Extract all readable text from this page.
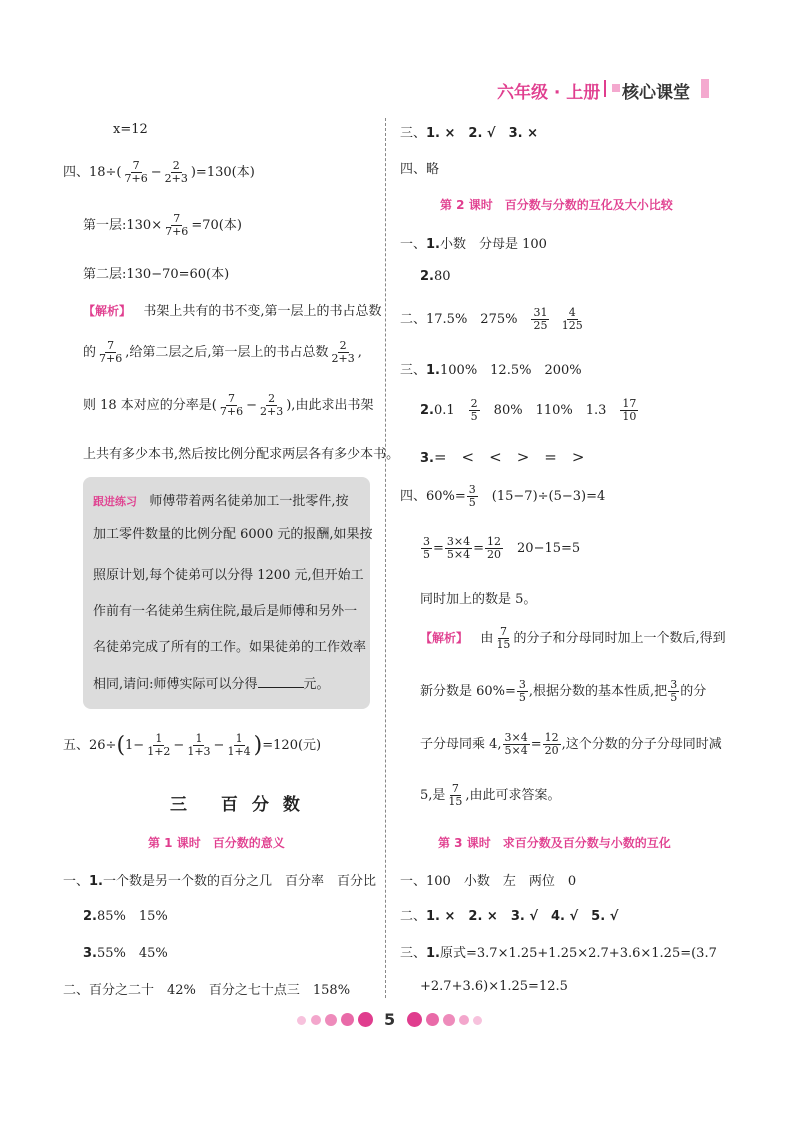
六年级 · 上册 核心课堂
x=12
四、$18\div( \frac{7}{7+6} - \frac{2}{2+3} )=130$(本)
第一层:130× $\frac{7}{7+6} =70$(本)
第二层:130−70=60(本)
【解析】 书架上共有的书不变,第一层上的书占总数
的 $\frac{7}{7+6}$ ,给第二层之后,第一层上的书占总数 $\frac{2}{2+3}$ ,
则 18 本对应的分率是( $\frac{7}{7+6} - \frac{2}{2+3}$ ),由此求出书架
上共有多少本书,然后按比例分配求两层各有多少本书。
跟进练习 师傅带着两名徒弟加工一批零件,按
加工零件数量的比例分配 6000 元的报酬,如果按
照原计划,每个徒弟可以分得 1200 元,但开始工
作前有一名徒弟生病住院,最后是师傅和另外一
名徒弟完成了所有的工作。如果徒弟的工作效率
相同,请问:师傅实际可以分得	元。
五、$26\div(1- \frac{1}{1+2} - \frac{1}{1+3} - \frac{1}{1+4} )=120$(元)
三 百分数
第 1 课时　百分数的意义
一、1.一个数是另一个数的百分之几　百分率　百分比
2.85%　15%
3.55%　45%
二、百分之二十　42%　百分之七十点三　158%
三、1. ×　2. √　3. ×
四、略
第 2 课时　百分数与分数的互化及大小比较
一、1.小数　分母是 100
2.80
二、17.5%　275%　 $\frac{31}{25}$
$\frac{4}{125}$
三、1.100%　12.5%　200%
2.0.1　 $\frac{2}{5}$ 　80%　110%　1.3　 $\frac{17}{10}$
3.=　<　<　>　=　>
四、$60\%= \frac{3}{5}$ 　(15−7)÷(5−3)=4
$\frac{3}{5} = \frac{3\times 4}{5\times 4} = \frac{12}{20}$ 　20−15=5
同时加上的数是 5。
【解析】 由 $\frac{7}{15}$ 的分子和分母同时加上一个数后,得到
新分数是 $60\%= \frac{3}{5}$ ,根据分数的基本性质,把 $\frac{3}{5}$ 的分
子分母同乘 4, $\frac{3\times 4}{5\times 4} = \frac{12}{20}$ ,这个分数的分子分母同时减
5,是 $\frac{7}{15}$ ,由此可求答案。
第 3 课时　求百分数及百分数与小数的互化
一、100　小数　左　两位　0
二、1. ×　2. ×　3. √　4. √　5. √
三、1.原式=3.7×1.25+1.25×2.7+3.6×1.25=(3.7
+2.7+3.6)×1.25=12.5
5
